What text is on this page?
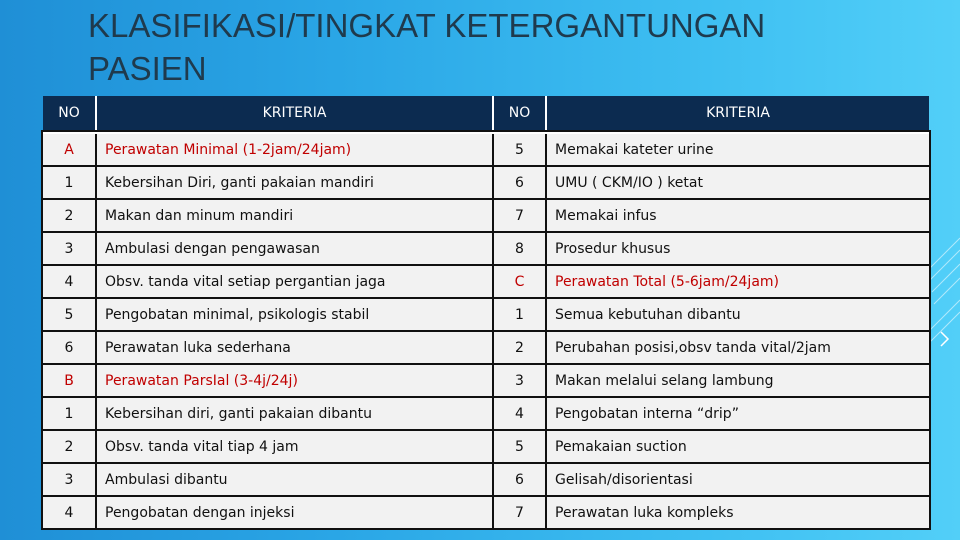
KLASIFIKASI/TINGKAT KETERGANTUNGAN PASIEN
NO	KRITERIA	NO	KRITERIA
A	Perawatan Minimal (1-2jam/24jam)	5	Memakai kateter urine
1	Kebersihan Diri, ganti pakaian mandiri	6	UMU ( CKM/IO ) ketat
2	Makan dan minum mandiri	7	Memakai infus
3	Ambulasi dengan pengawasan	8	Prosedur khusus
4	Obsv. tanda vital setiap pergantian jaga	C	Perawatan Total (5-6jam/24jam)
5	Pengobatan minimal, psikologis stabil	1	Semua kebutuhan dibantu
6	Perawatan luka sederhana	2	Perubahan posisi,obsv tanda vital/2jam
B	Perawatan ParsIal (3-4j/24j)	3	Makan melalui selang lambung
1	Kebersihan diri, ganti pakaian dibantu	4	Pengobatan interna “drip”
2	Obsv. tanda vital tiap 4 jam	5	Pemakaian suction
3	Ambulasi dibantu	6	Gelisah/disorientasi
4	Pengobatan dengan injeksi	7	Perawatan luka kompleks
